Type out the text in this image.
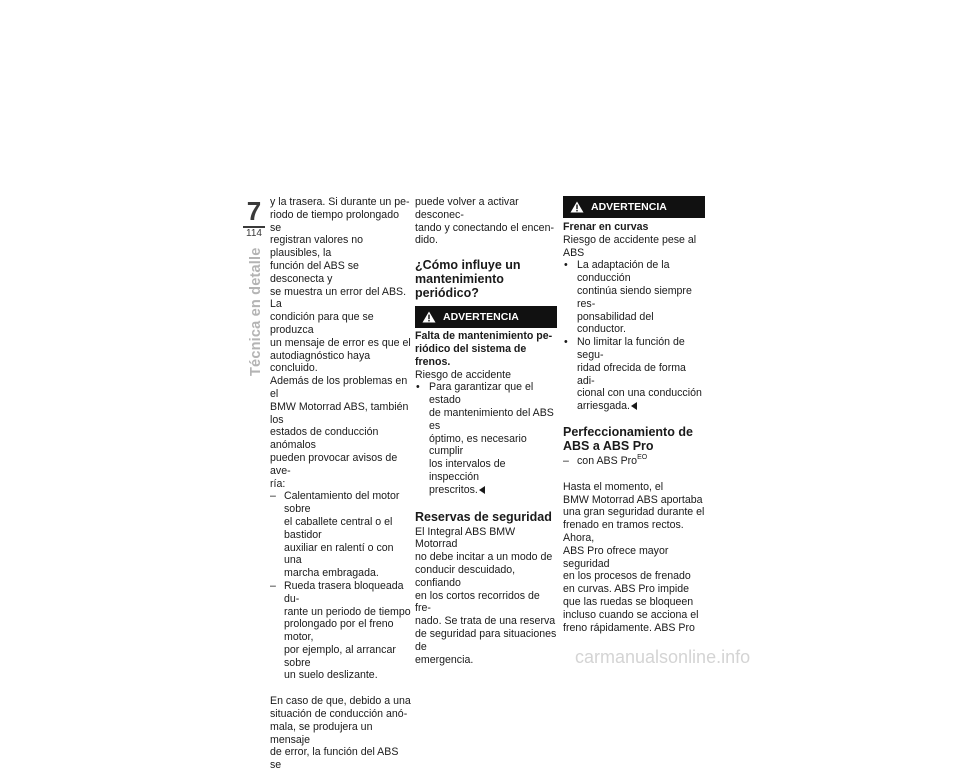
7
114
Técnica en detalle

y la trasera. Si durante un pe-
riodo de tiempo prolongado se
registran valores no plausibles, la
función del ABS se desconecta y
se muestra un error del ABS. La
condición para que se produzca
un mensaje de error es que el
autodiagnóstico haya concluido.
Además de los problemas en el
BMW Motorrad ABS, también los
estados de conducción anómalos
pueden provocar avisos de ave-
ría:

– Calentamiento del motor sobre
el caballete central o el bastidor
auxiliar en ralentí o con una
marcha embragada.
– Rueda trasera bloqueada du-
rante un periodo de tiempo
prolongado por el freno motor,
por ejemplo, al arrancar sobre
un suelo deslizante.

En caso de que, debido a una
situación de conducción anó-
mala, se produjera un mensaje
de error, la función del ABS se

puede volver a activar desconec-
tando y conectando el encen-
dido.

¿Cómo influye un
mantenimiento periódico?
ADVERTENCIA

Falta de mantenimiento pe-
riódico del sistema de frenos.

Riesgo de accidente

• Para garantizar que el estado
de mantenimiento del ABS es
óptimo, es necesario cumplir
los intervalos de inspección
prescritos.
Reservas de seguridad

El Integral ABS BMW Motorrad
no debe incitar a un modo de
conducir descuidado, confiando
en los cortos recorridos de fre-
nado. Se trata de una reserva
de seguridad para situaciones de
emergencia.

ADVERTENCIA

Frenar en curvas

Riesgo de accidente pese al ABS

• La adaptación de la conducción
continúa siendo siempre res-
ponsabilidad del conductor.
• No limitar la función de segu-
ridad ofrecida de forma adi-
cional con una conducción
arriesgada.
Perfeccionamiento de
ABS a ABS Pro
– con ABS Pro$^{EO}$

Hasta el momento, el
BMW Motorrad ABS aportaba
una gran seguridad durante el
frenado en tramos rectos. Ahora,
ABS Pro ofrece mayor seguridad
en los procesos de frenado
en curvas. ABS Pro impide
que las ruedas se bloqueen
incluso cuando se acciona el
freno rápidamente. ABS Pro

carmanualsonline.info
